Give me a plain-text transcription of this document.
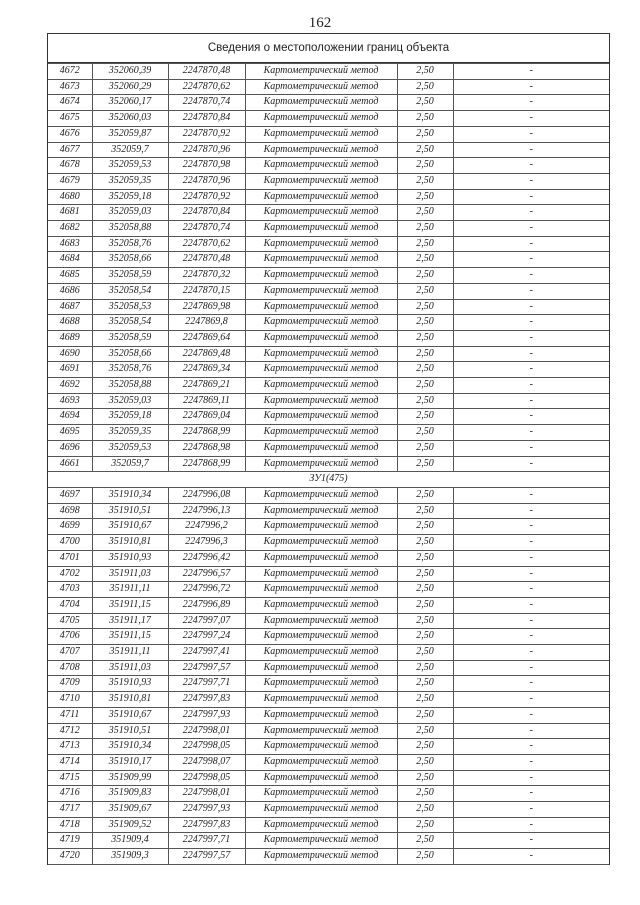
162
Сведения о местоположении границ объекта
4672	352060,39	2247870,48	Картометрический метод	2,50	-
4673	352060,29	2247870,62	Картометрический метод	2,50	-
4674	352060,17	2247870,74	Картометрический метод	2,50	-
4675	352060,03	2247870,84	Картометрический метод	2,50	-
4676	352059,87	2247870,92	Картометрический метод	2,50	-
4677	352059,7	2247870,96	Картометрический метод	2,50	-
4678	352059,53	2247870,98	Картометрический метод	2,50	-
4679	352059,35	2247870,96	Картометрический метод	2,50	-
4680	352059,18	2247870,92	Картометрический метод	2,50	-
4681	352059,03	2247870,84	Картометрический метод	2,50	-
4682	352058,88	2247870,74	Картометрический метод	2,50	-
4683	352058,76	2247870,62	Картометрический метод	2,50	-
4684	352058,66	2247870,48	Картометрический метод	2,50	-
4685	352058,59	2247870,32	Картометрический метод	2,50	-
4686	352058,54	2247870,15	Картометрический метод	2,50	-
4687	352058,53	2247869,98	Картометрический метод	2,50	-
4688	352058,54	2247869,8	Картометрический метод	2,50	-
4689	352058,59	2247869,64	Картометрический метод	2,50	-
4690	352058,66	2247869,48	Картометрический метод	2,50	-
4691	352058,76	2247869,34	Картометрический метод	2,50	-
4692	352058,88	2247869,21	Картометрический метод	2,50	-
4693	352059,03	2247869,11	Картометрический метод	2,50	-
4694	352059,18	2247869,04	Картометрический метод	2,50	-
4695	352059,35	2247868,99	Картометрический метод	2,50	-
4696	352059,53	2247868,98	Картометрический метод	2,50	-
4661	352059,7	2247868,99	Картометрический метод	2,50	-
ЗУ1(475)					
4697	351910,34	2247996,08	Картометрический метод	2,50	-
4698	351910,51	2247996,13	Картометрический метод	2,50	-
4699	351910,67	2247996,2	Картометрический метод	2,50	-
4700	351910,81	2247996,3	Картометрический метод	2,50	-
4701	351910,93	2247996,42	Картометрический метод	2,50	-
4702	351911,03	2247996,57	Картометрический метод	2,50	-
4703	351911,11	2247996,72	Картометрический метод	2,50	-
4704	351911,15	2247996,89	Картометрический метод	2,50	-
4705	351911,17	2247997,07	Картометрический метод	2,50	-
4706	351911,15	2247997,24	Картометрический метод	2,50	-
4707	351911,11	2247997,41	Картометрический метод	2,50	-
4708	351911,03	2247997,57	Картометрический метод	2,50	-
4709	351910,93	2247997,71	Картометрический метод	2,50	-
4710	351910,81	2247997,83	Картометрический метод	2,50	-
4711	351910,67	2247997,93	Картометрический метод	2,50	-
4712	351910,51	2247998,01	Картометрический метод	2,50	-
4713	351910,34	2247998,05	Картометрический метод	2,50	-
4714	351910,17	2247998,07	Картометрический метод	2,50	-
4715	351909,99	2247998,05	Картометрический метод	2,50	-
4716	351909,83	2247998,01	Картометрический метод	2,50	-
4717	351909,67	2247997,93	Картометрический метод	2,50	-
4718	351909,52	2247997,83	Картометрический метод	2,50	-
4719	351909,4	2247997,71	Картометрический метод	2,50	-
4720	351909,3	2247997,57	Картометрический метод	2,50	-
